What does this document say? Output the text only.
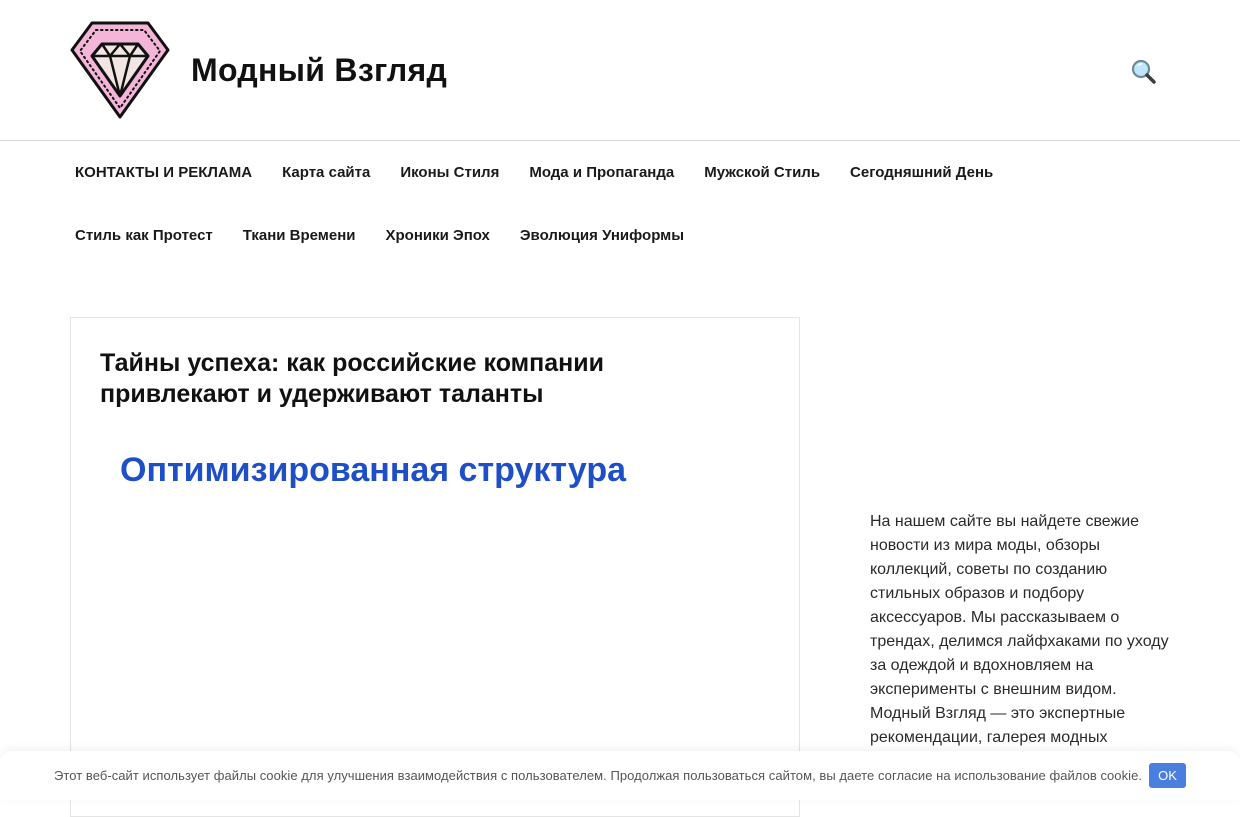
Модный Взгляд
КОНТАКТЫ И РЕКЛАМА	Карта сайта	Иконы Стиля	Мода и Пропаганда	Мужской Стиль	Сегодняшний День
Стиль как Протест	Ткани Времени	Хроники Эпох	Эволюция Униформы
Тайны успеха: как российские компании привлекают и удерживают таланты
Оптимизированная структура
На нашем сайте вы найдете свежие новости из мира моды, обзоры коллекций, советы по созданию стильных образов и подбору аксессуаров. Мы рассказываем о трендах, делимся лайфхаками по уходу за одеждой и вдохновляем на эксперименты с внешним видом. Модный Взгляд — это экспертные рекомендации, галерея модных
Этот веб-сайт использует файлы cookie для улучшения взаимодействия с пользователем. Продолжая пользоваться сайтом, вы даете согласие на использование файлов cookie.	OK
